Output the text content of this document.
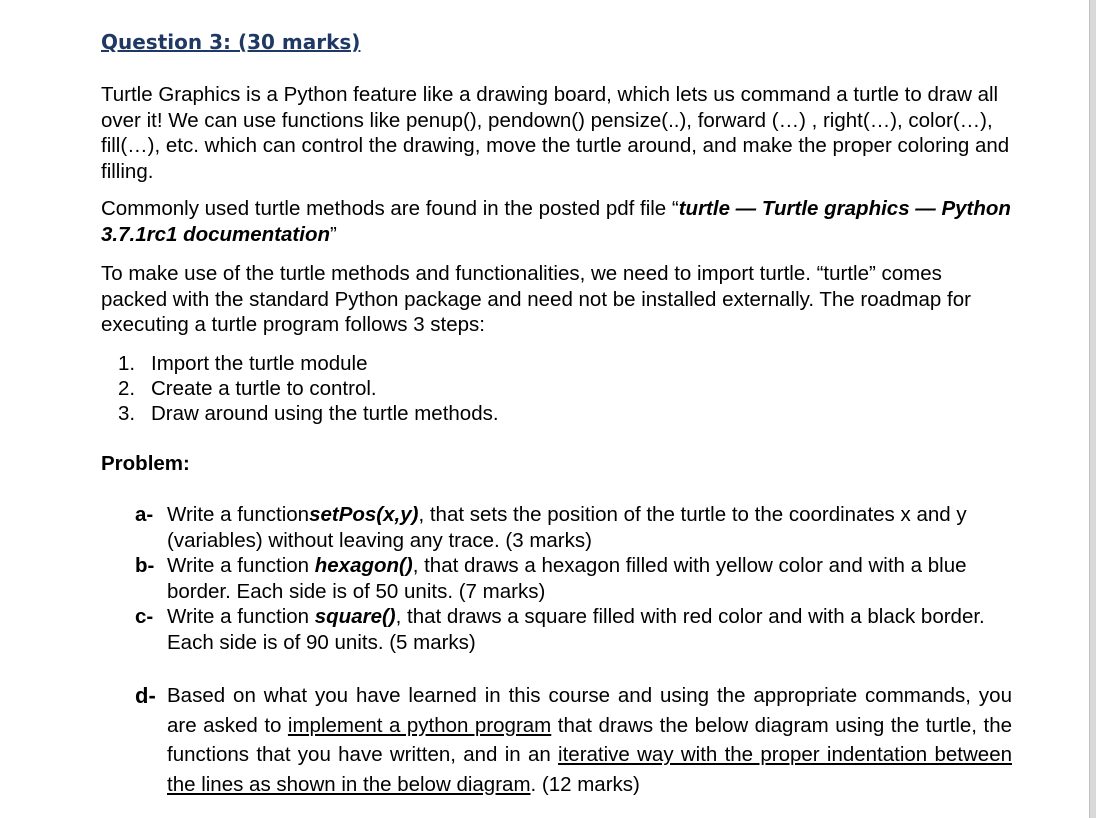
Question 3: (30 marks)

Turtle Graphics is a Python feature like a drawing board, which lets us command a turtle to draw all over it! We can use functions like penup(), pendown() pensize(..), forward (…) , right(…), color(…), fill(…), etc. which can control the drawing, move the turtle around, and make the proper coloring and filling.

Commonly used turtle methods are found in the posted pdf file “turtle — Turtle graphics — Python 3.7.1rc1 documentation”

To make use of the turtle methods and functionalities, we need to import turtle. “turtle” comes packed with the standard Python package and need not be installed externally. The roadmap for executing a turtle program follows 3 steps:

1. Import the turtle module
2. Create a turtle to control.
3. Draw around using the turtle methods.
Problem:
a- Write a functionsetPos(x,y), that sets the position of the turtle to the coordinates x and y (variables) without leaving any trace. (3 marks)
b- Write a function hexagon(), that draws a hexagon filled with yellow color and with a blue border. Each side is of 50 units. (7 marks)
c- Write a function square(), that draws a square filled with red color and with a black border. Each side is of 90 units. (5 marks)
d- Based on what you have learned in this course and using the appropriate commands, you are asked to implement a python program that draws the below diagram using the turtle, the functions that you have written, and in an iterative way with the proper indentation between the lines as shown in the below diagram. (12 marks)
